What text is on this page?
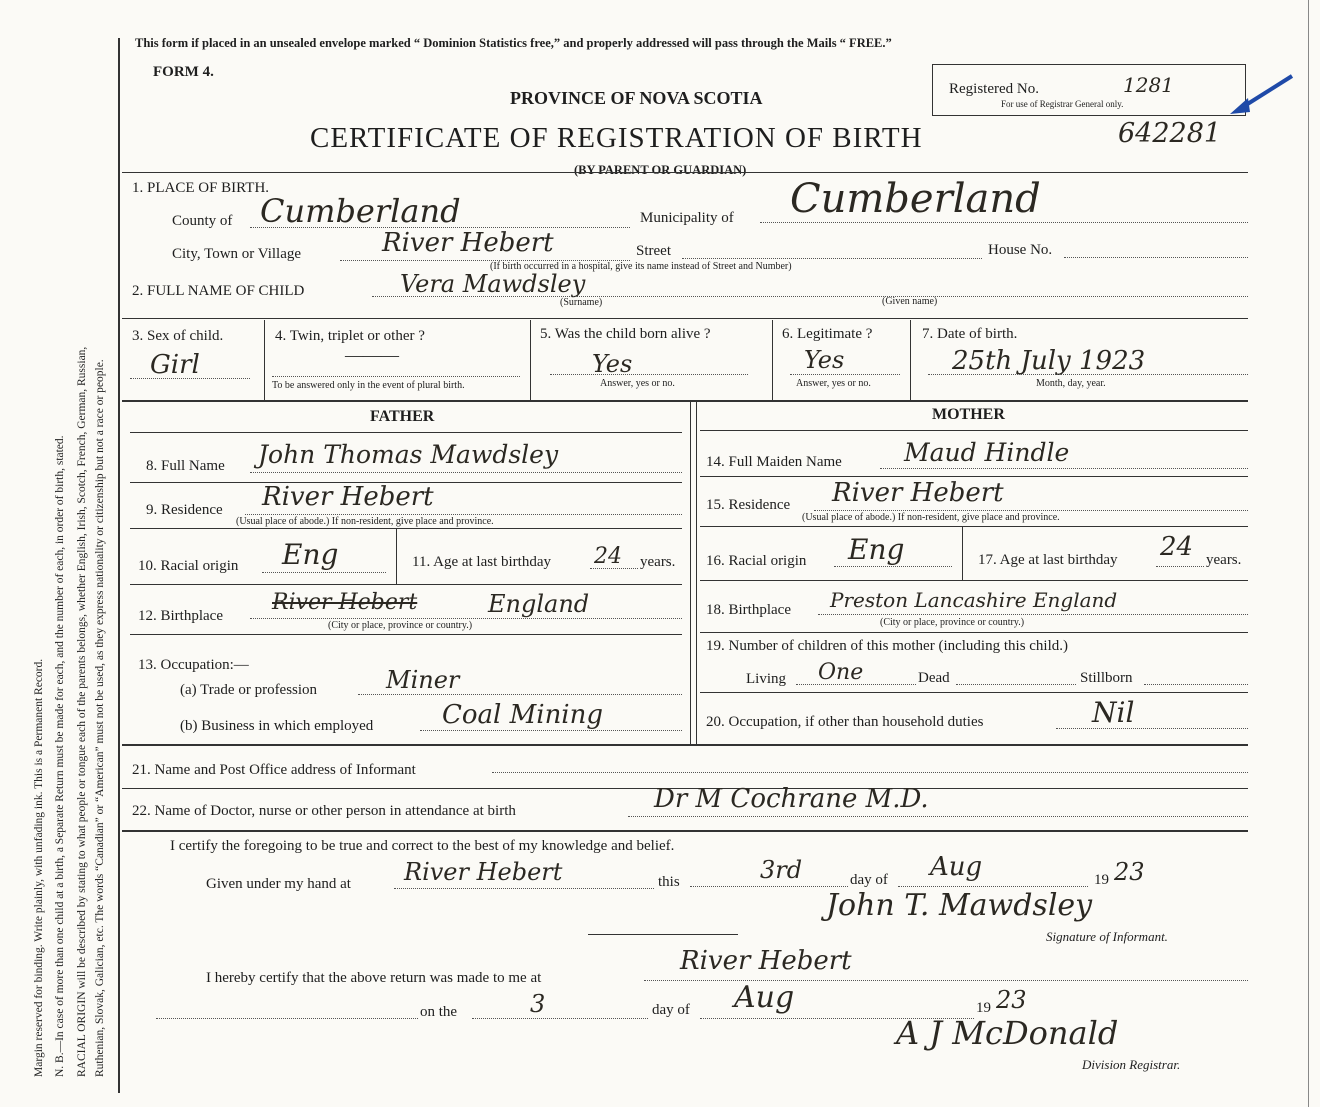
Margin reserved for binding. Write plainly, with unfading ink. This is a Permanent Record. N. B.—In case of more than one child at a birth, a Separate Return must be made for each, and the number of each, in order of birth, stated. RACIAL ORIGIN will be described by stating to what people or tongue each of the parents belongs, whether English, Irish, Scotch, French, German, Russian, Ruthenian, Slovak, Galician, etc. The words “Canadian” or “American” must not be used, as they express nationality or citizenship but not a race or people.
This form if placed in an unsealed envelope marked “ Dominion Statistics free,” and properly addressed will pass through the Mails “ FREE.”
FORM 4.
PROVINCE OF NOVA SCOTIA
CERTIFICATE OF REGISTRATION OF BIRTH
(BY PARENT OR GUARDIAN)
Registered No.
For use of Registrar General only.
1281
642281
1. PLACE OF BIRTH.
County of Cumberland	Municipality of Cumberland
City, Town or Village	River Hebert	Street	House No.
(If birth occurred in a hospital, give its name instead of Street and Number)
2. FULL NAME OF CHILD	Vera Mawdsley
(Surname)	(Given name)
3. Sex of child.
Girl
4. Twin, triplet or other ?
———
To be answered only in the event of plural birth.
5. Was the child born alive ?
Yes
Answer, yes or no.
6. Legitimate ?
Yes
Answer, yes or no.
7. Date of birth.
25th July 1923
Month, day, year.
FATHER	MOTHER
8. Full Name John Thomas Mawdsley
9. Residence River Hebert
(Usual place of abode.) If non-resident, give place and province.
10. Racial origin Eng	11. Age at last birthday 24 years.
12. Birthplace
River Hebert	England
(City or place, province or country.)
13. Occupation:—
(a) Trade or profession	Miner
(b) Business in which employed	Coal Mining
14. Full Maiden Name Maud Hindle
15. Residence River Hebert
(Usual place of abode.) If non-resident, give place and province.
16. Racial origin Eng	17. Age at last birthday 24 years.
18. Birthplace Preston Lancashire England
(City or place, province or country.)
19. Number of children of this mother (including this child.)
Living One	Dead	Stillborn
20. Occupation, if other than household duties	Nil
21. Name and Post Office address of Informant
22. Name of Doctor, nurse or other person in attendance at birth	Dr M Cochrane M.D.
I certify the foregoing to be true and correct to the best of my knowledge and belief.
Given under my hand at River Hebert	this	3rd	day of Aug	19 23
John T. Mawdsley
Signature of Informant.
I hereby certify that the above return was made to me at
River Hebert
on the	3	day of Aug	19 23
A J McDonald
Division Registrar.
